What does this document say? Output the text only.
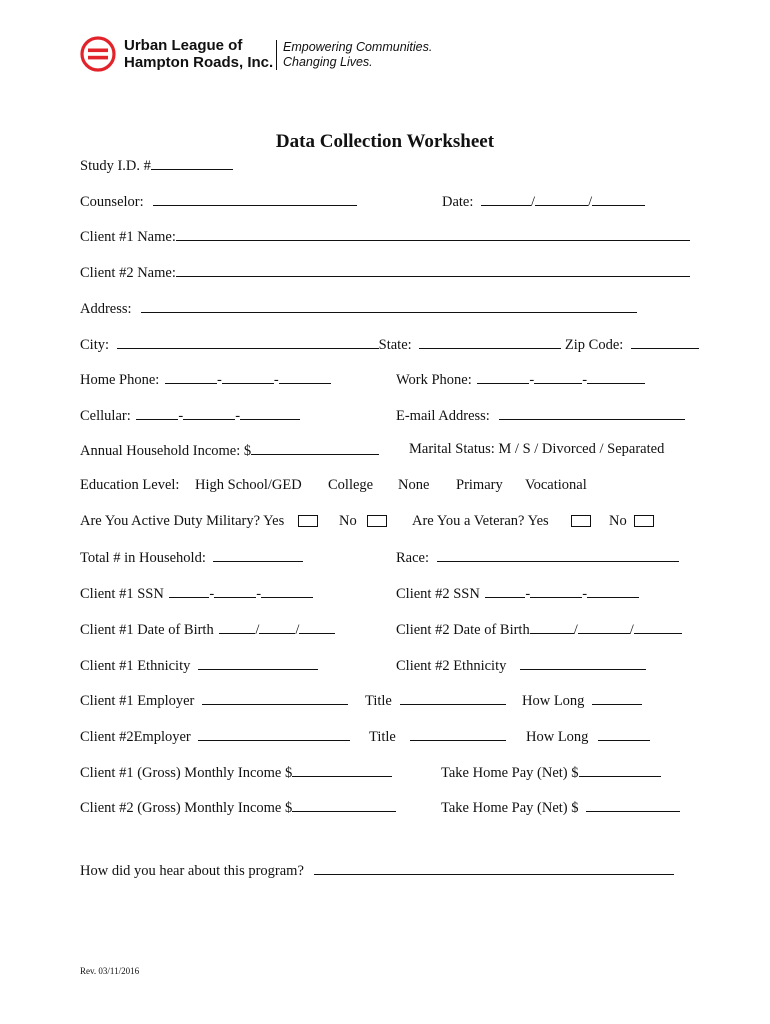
Urban League of
Hampton Roads, Inc.
Empowering Communities.
Changing Lives.
Data Collection Worksheet
Study I.D. #
Counselor:	Date:	/	/
Client #1 Name:
Client #2 Name:
Address:
City:	State:	Zip Code:
Home Phone:	-	-	Work Phone:	-	-
Cellular:	-	-	E-mail Address:
Annual Household Income: $	Marital Status: M / S / Divorced / Separated
Education Level: High School/GED College None Primary Vocational
Are You Active Duty Military? Yes	No	Are You a Veteran? Yes	No
Total # in Household:	Race:
Client #1 SSN	-	-	Client #2 SSN	-	-
Client #1 Date of Birth	/ /	Client #2 Date of Birth	/	/
Client #1 Ethnicity	Client #2 Ethnicity
Client #1 Employer	Title	How Long
Client #2Employer	Title	How Long
Client #1 (Gross) Monthly Income $	Take Home Pay (Net) $
Client #2 (Gross) Monthly Income $	Take Home Pay (Net) $
How did you hear about this program?
Rev. 03/11/2016
